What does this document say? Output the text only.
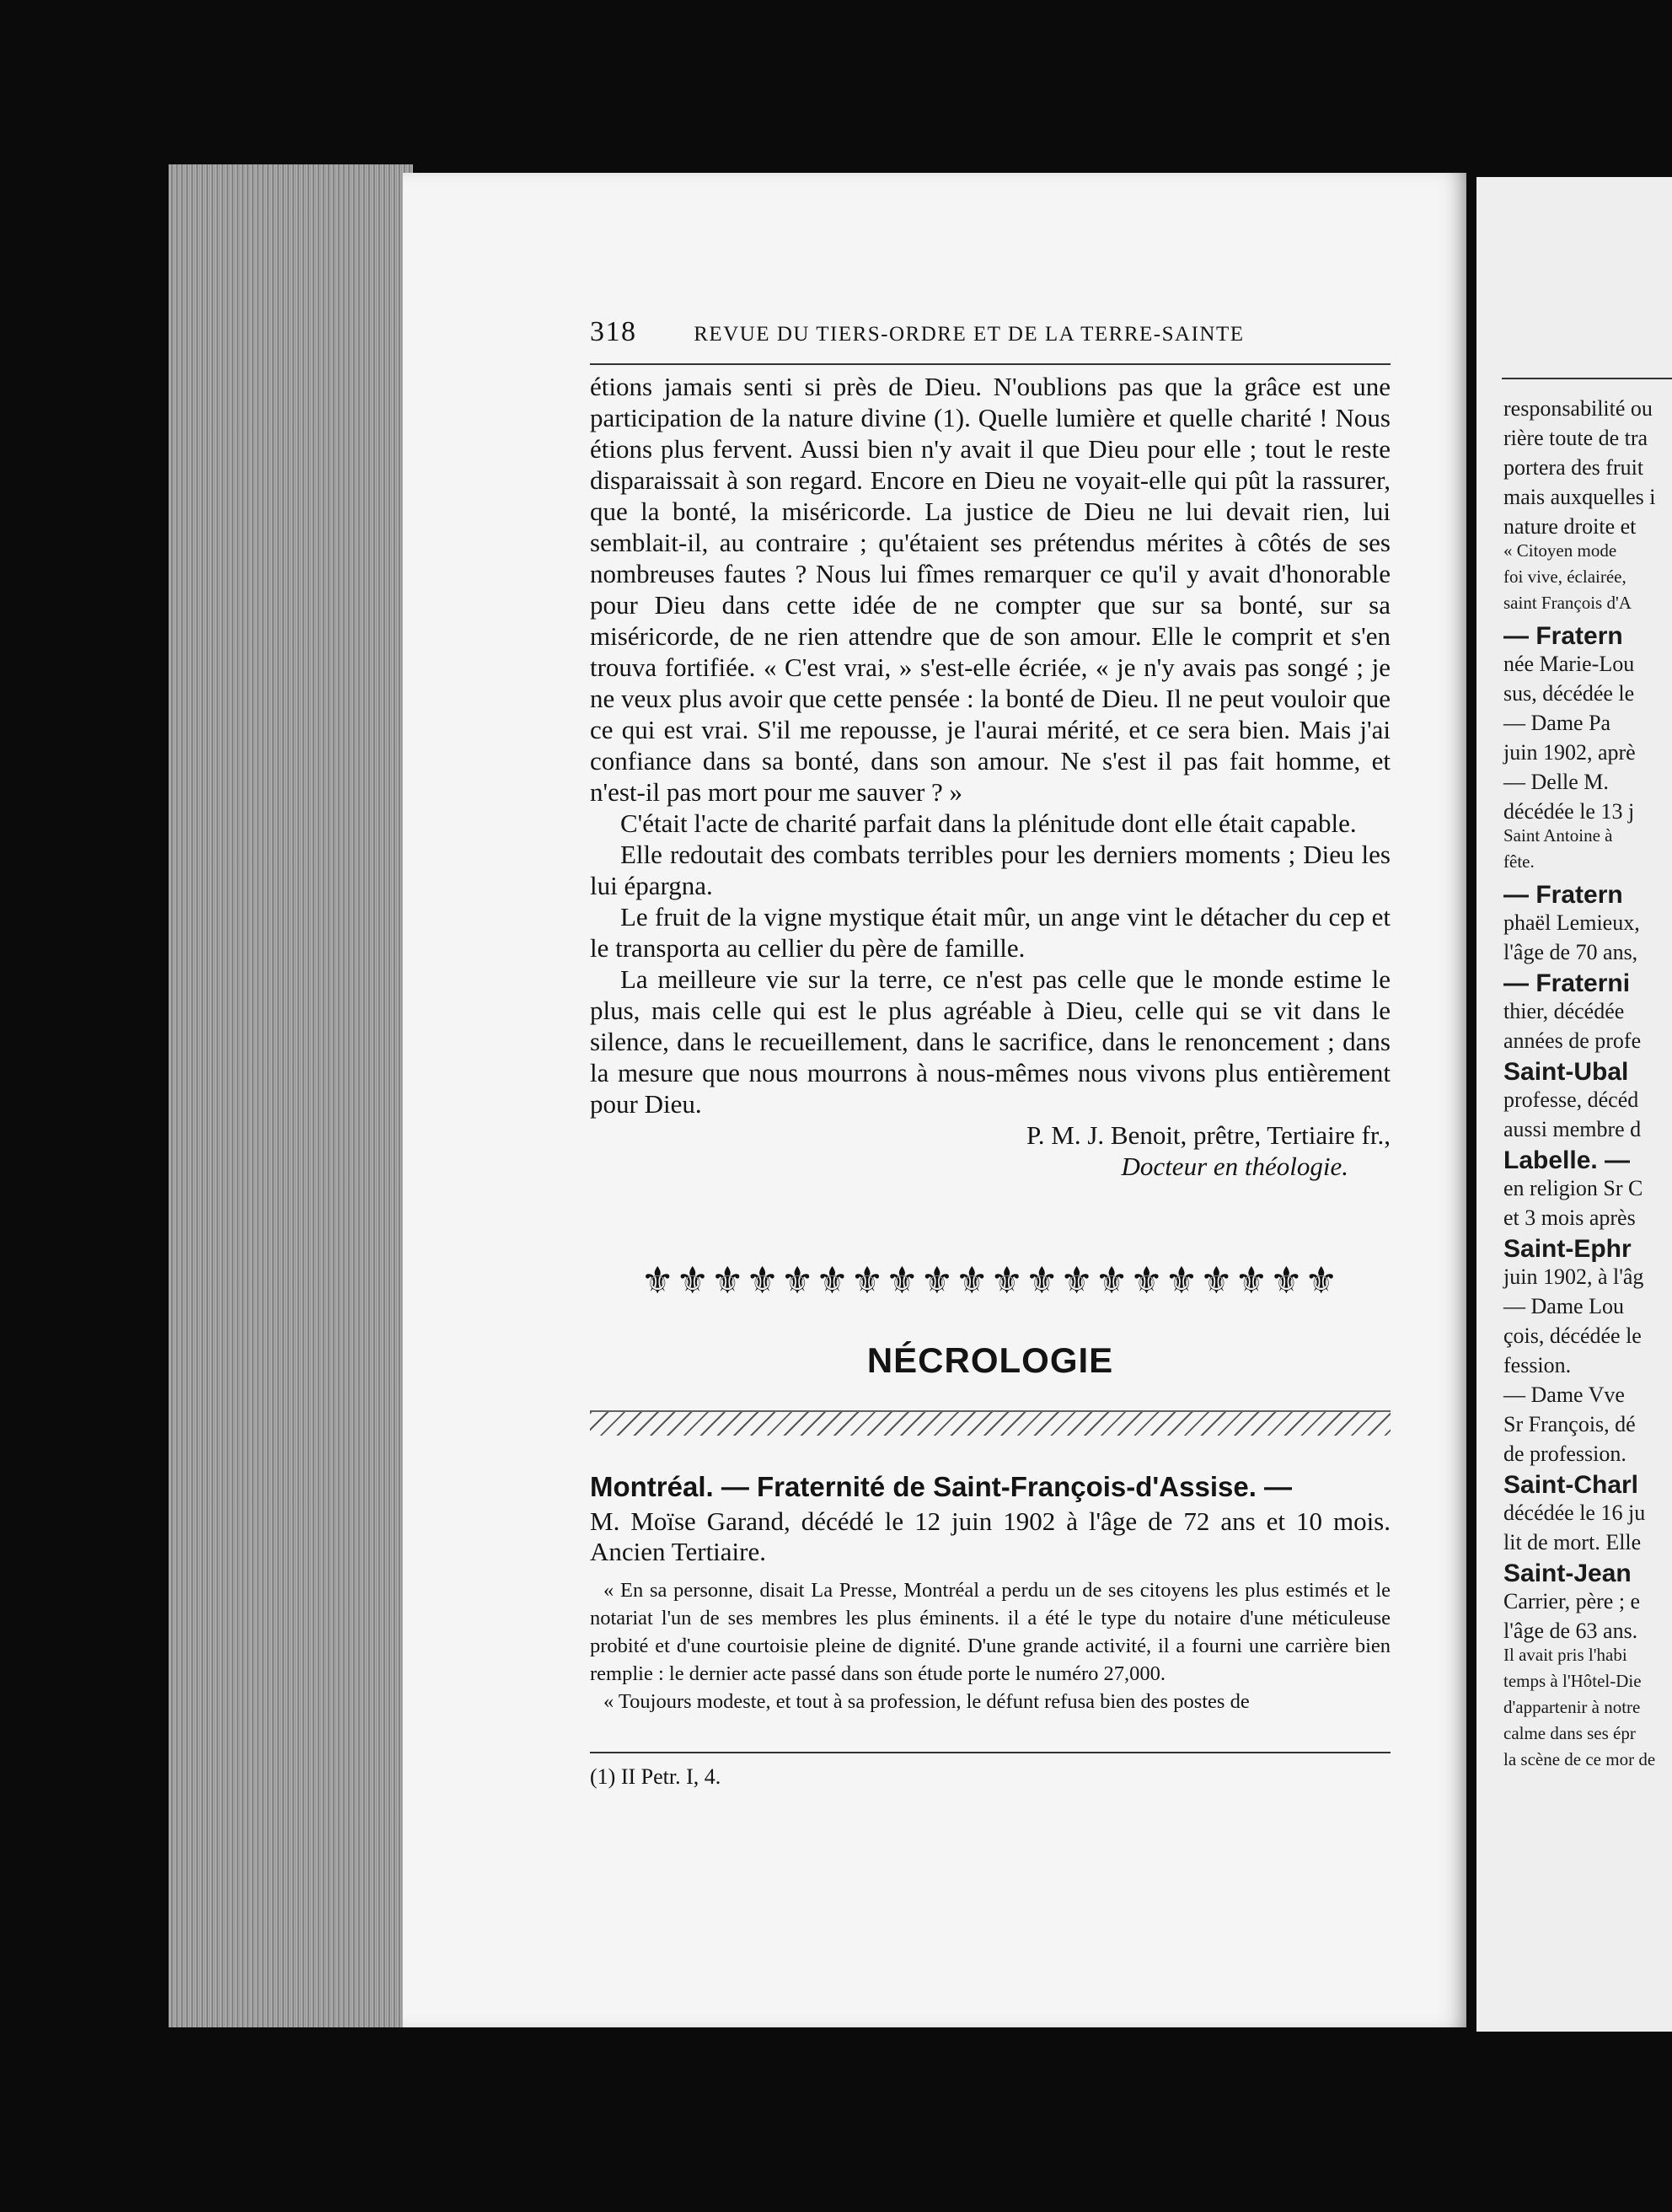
318	REVUE DU TIERS-ORDRE ET DE LA TERRE-SAINTE

étions jamais senti si près de Dieu. N'oublions pas que la grâce est une participation de la nature divine (1). Quelle lumière et quelle charité ! Nous étions plus fervent. Aussi bien n'y avait il que Dieu pour elle ; tout le reste disparaissait à son regard. Encore en Dieu ne voyait-elle qui pût la rassurer, que la bonté, la miséricorde. La justice de Dieu ne lui devait rien, lui semblait-il, au contraire ; qu'étaient ses prétendus mérites à côtés de ses nombreuses fautes ? Nous lui fîmes remarquer ce qu'il y avait d'honorable pour Dieu dans cette idée de ne compter que sur sa bonté, sur sa miséricorde, de ne rien attendre que de son amour. Elle le comprit et s'en trouva fortifiée. « C'est vrai, » s'est-elle écriée, « je n'y avais pas songé ; je ne veux plus avoir que cette pensée : la bonté de Dieu. Il ne peut vouloir que ce qui est vrai. S'il me repousse, je l'aurai mérité, et ce sera bien. Mais j'ai confiance dans sa bonté, dans son amour. Ne s'est il pas fait homme, et n'est-il pas mort pour me sauver ? »

C'était l'acte de charité parfait dans la plénitude dont elle était capable.

Elle redoutait des combats terribles pour les derniers moments ; Dieu les lui épargna.

Le fruit de la vigne mystique était mûr, un ange vint le détacher du cep et le transporta au cellier du père de famille.

La meilleure vie sur la terre, ce n'est pas celle que le monde estime le plus, mais celle qui est le plus agréable à Dieu, celle qui se vit dans le silence, dans le recueillement, dans le sacrifice, dans le renoncement ; dans la mesure que nous mourrons à nous-mêmes nous vivons plus entièrement pour Dieu.

P. M. J. Benoit, prêtre, Tertiaire fr.,

Docteur en théologie.

⚜⚜⚜⚜⚜⚜⚜⚜⚜⚜⚜⚜⚜⚜⚜⚜⚜⚜⚜⚜
NÉCROLOGIE
Montréal. — Fraternité de Saint-François-d'Assise. —
M. Moïse Garand, décédé le 12 juin 1902 à l'âge de 72 ans et 10 mois. Ancien Tertiaire.

« En sa personne, disait La Presse, Montréal a perdu un de ses citoyens les plus estimés et le notariat l'un de ses membres les plus éminents. il a été le type du notaire d'une méticuleuse probité et d'une courtoisie pleine de dignité. D'une grande activité, il a fourni une carrière bien remplie : le dernier acte passé dans son étude porte le numéro 27,000.

« Toujours modeste, et tout à sa profession, le défunt refusa bien des postes de

(1) II Petr. I, 4.
responsabilité ou
rière toute de tra
portera des fruit
mais auxquelles i
nature droite et
« Citoyen mode
foi vive, éclairée,
saint François d'A
— Fratern
née Marie-Lou
sus, décédée le
— Dame Pa
juin 1902, aprè
— Delle M.
décédée le 13 j
Saint Antoine à
fête.
— Fratern
phaël Lemieux,
l'âge de 70 ans,
— Fraterni
thier, décédée
années de profe
Saint-Ubal
professe, décéd
aussi membre d
Labelle. —
en religion Sr C
et 3 mois après
Saint-Ephr
juin 1902, à l'âg
— Dame Lou
çois, décédée le
fession.
— Dame Vve
Sr François, dé
de profession.
Saint-Charl
décédée le 16 ju
lit de mort. Elle
Saint-Jean
Carrier, père ; e
l'âge de 63 ans.
Il avait pris l'habi
temps à l'Hôtel-Die
d'appartenir à notre
calme dans ses épr
la scène de ce mor de
